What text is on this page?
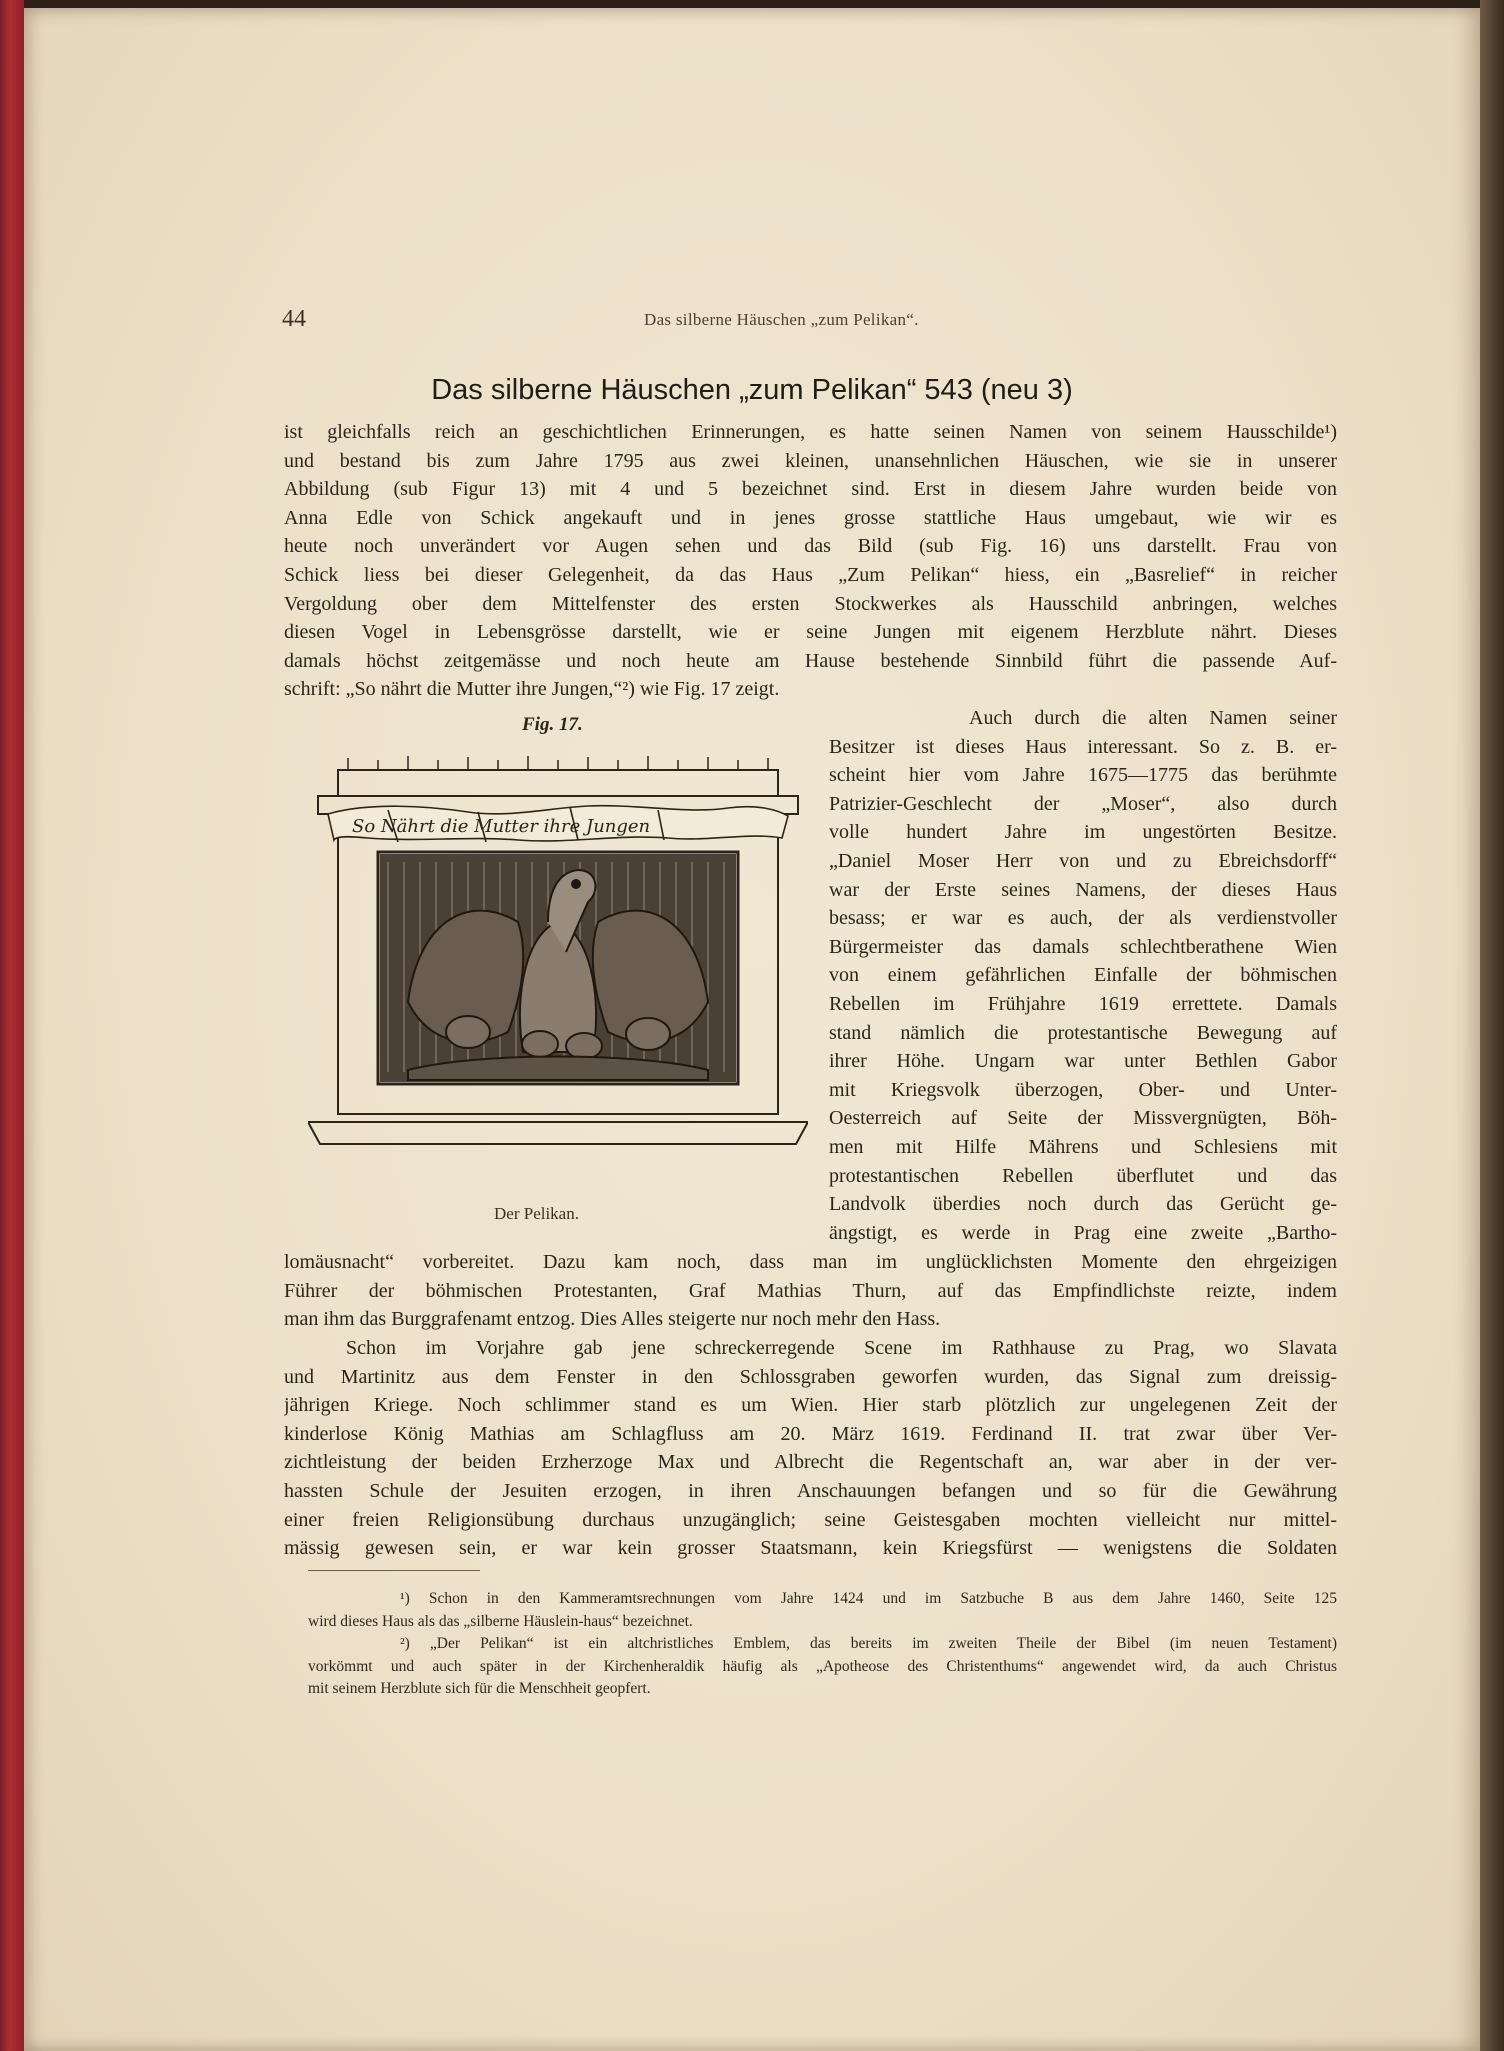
44	Das silberne Häuschen „zum Pelikan“.
Das silberne Häuschen „zum Pelikan“ 543 (neu 3)
ist gleichfalls reich an geschichtlichen Erinnerungen, es hatte seinen Namen von seinem Hausschilde¹)
und bestand bis zum Jahre 1795 aus zwei kleinen, unansehnlichen Häuschen, wie sie in unserer
Abbildung (sub Figur 13) mit 4 und 5 bezeichnet sind. Erst in diesem Jahre wurden beide von
Anna Edle von Schick angekauft und in jenes grosse stattliche Haus umgebaut, wie wir es
heute noch unverändert vor Augen sehen und das Bild (sub Fig. 16) uns darstellt. Frau von
Schick liess bei dieser Gelegenheit, da das Haus „Zum Pelikan“ hiess, ein „Basrelief“ in reicher
Vergoldung ober dem Mittelfenster des ersten Stockwerkes als Hausschild anbringen, welches
diesen Vogel in Lebensgrösse darstellt, wie er seine Jungen mit eigenem Herzblute nährt. Dieses
damals höchst zeitgemässe und noch heute am Hause bestehende Sinnbild führt die passende Auf-
schrift: „So nährt die Mutter ihre Jungen,“²) wie Fig. 17 zeigt.
Fig. 17.
So Nährt die Mutter ihre Jungen
Der Pelikan.
Auch durch die alten Namen seiner
Besitzer ist dieses Haus interessant. So z. B. er-
scheint hier vom Jahre 1675—1775 das berühmte
Patrizier-Geschlecht der „Moser“, also durch
volle hundert Jahre im ungestörten Besitze.
„Daniel Moser Herr von und zu Ebreichsdorff“
war der Erste seines Namens, der dieses Haus
besass; er war es auch, der als verdienstvoller
Bürgermeister das damals schlechtberathene Wien
von einem gefährlichen Einfalle der böhmischen
Rebellen im Frühjahre 1619 errettete. Damals
stand nämlich die protestantische Bewegung auf
ihrer Höhe. Ungarn war unter Bethlen Gabor
mit Kriegsvolk überzogen, Ober- und Unter-
Oesterreich auf Seite der Missvergnügten, Böh-
men mit Hilfe Mährens und Schlesiens mit
protestantischen Rebellen überflutet und das
Landvolk überdies noch durch das Gerücht ge-
ängstigt, es werde in Prag eine zweite „Bartho-
lomäusnacht“ vorbereitet. Dazu kam noch, dass man im unglücklichsten Momente den ehrgeizigen
Führer der böhmischen Protestanten, Graf Mathias Thurn, auf das Empfindlichste reizte, indem
man ihm das Burggrafenamt entzog. Dies Alles steigerte nur noch mehr den Hass.
Schon im Vorjahre gab jene schreckerregende Scene im Rathhause zu Prag, wo Slavata
und Martinitz aus dem Fenster in den Schlossgraben geworfen wurden, das Signal zum dreissig-
jährigen Kriege. Noch schlimmer stand es um Wien. Hier starb plötzlich zur ungelegenen Zeit der
kinderlose König Mathias am Schlagfluss am 20. März 1619. Ferdinand II. trat zwar über Ver-
zichtleistung der beiden Erzherzoge Max und Albrecht die Regentschaft an, war aber in der ver-
hassten Schule der Jesuiten erzogen, in ihren Anschauungen befangen und so für die Gewährung
einer freien Religionsübung durchaus unzugänglich; seine Geistesgaben mochten vielleicht nur mittel-
mässig gewesen sein, er war kein grosser Staatsmann, kein Kriegsfürst — wenigstens die Soldaten
¹) Schon in den Kammeramtsrechnungen vom Jahre 1424 und im Satzbuche B aus dem Jahre 1460, Seite 125
wird dieses Haus als das „silberne Häuslein-haus“ bezeichnet.
²) „Der Pelikan“ ist ein altchristliches Emblem, das bereits im zweiten Theile der Bibel (im neuen Testament)
vorkömmt und auch später in der Kirchenheraldik häufig als „Apotheose des Christenthums“ angewendet wird, da auch Christus
mit seinem Herzblute sich für die Menschheit geopfert.
